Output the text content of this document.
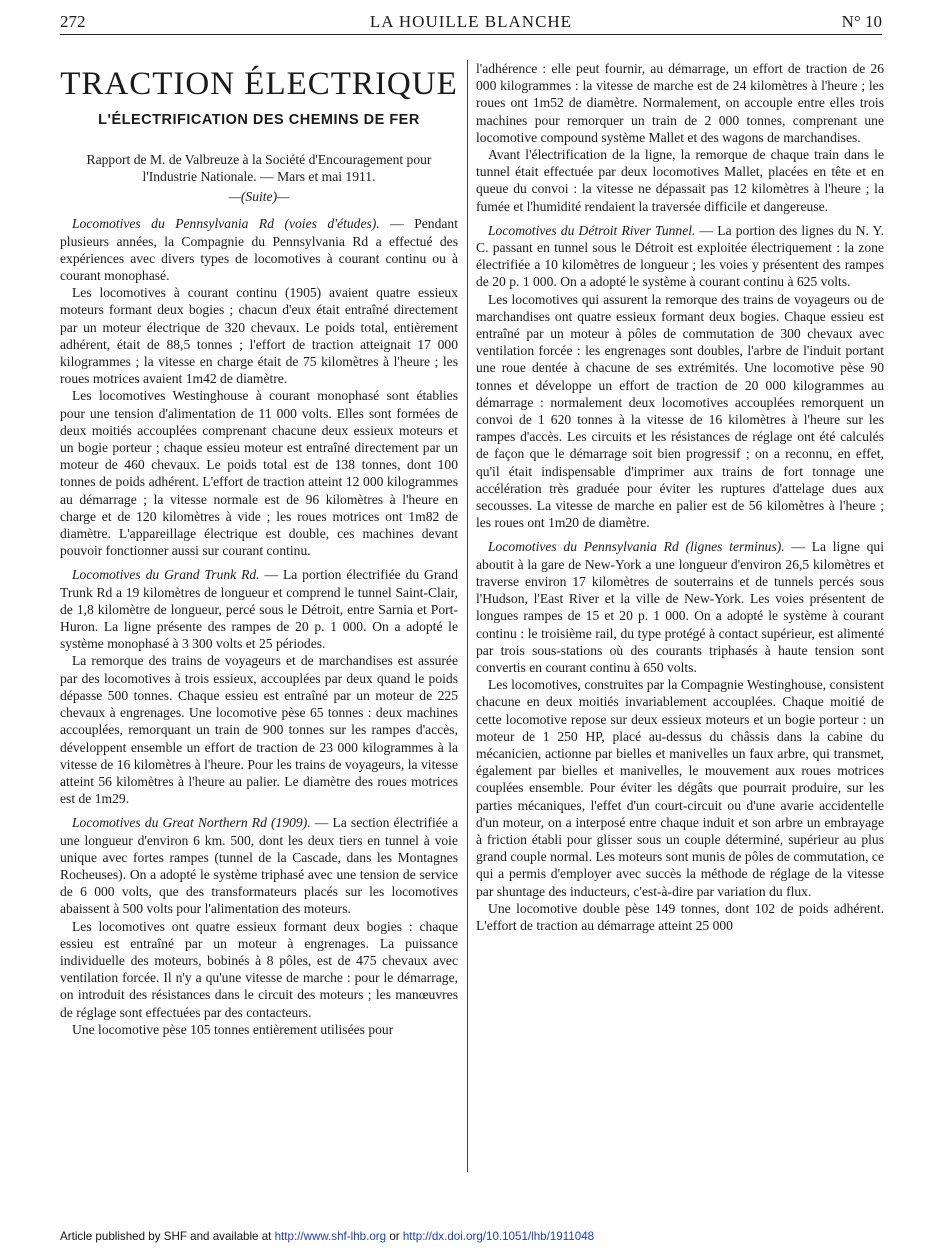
272	LA HOUILLE BLANCHE	N° 10
TRACTION ÉLECTRIQUE
L'ÉLECTRIFICATION DES CHEMINS DE FER
Rapport de M. de Valbreuze à la Société d'Encouragement pour l'Industrie Nationale. — Mars et mai 1911.
—(Suite)—

Locomotives du Pennsylvania Rd (voies d'études). — Pendant plusieurs années, la Compagnie du Pennsylvania Rd a effectué des expériences avec divers types de locomotives à courant continu ou à courant monophasé.

Les locomotives à courant continu (1905) avaient quatre essieux moteurs formant deux bogies ; chacun d'eux était entraîné directement par un moteur électrique de 320 chevaux. Le poids total, entièrement adhérent, était de 88,5 tonnes ; l'effort de traction atteignait 17 000 kilogrammes ; la vitesse en charge était de 75 kilomètres à l'heure ; les roues motrices avaient 1m42 de diamètre.

Les locomotives Westinghouse à courant monophasé sont établies pour une tension d'alimentation de 11 000 volts. Elles sont formées de deux moitiés accouplées comprenant chacune deux essieux moteurs et un bogie porteur ; chaque essieu moteur est entraîné directement par un moteur de 460 chevaux. Le poids total est de 138 tonnes, dont 100 tonnes de poids adhérent. L'effort de traction atteint 12 000 kilogrammes au démarrage ; la vitesse normale est de 96 kilomètres à l'heure en charge et de 120 kilomètres à vide ; les roues motrices ont 1m82 de diamètre. L'appareillage électrique est double, ces machines devant pouvoir fonctionner aussi sur courant continu.

Locomotives du Grand Trunk Rd. — La portion électrifiée du Grand Trunk Rd a 19 kilomètres de longueur et comprend le tunnel Saint-Clair, de 1,8 kilomètre de longueur, percé sous le Détroit, entre Sarnia et Port-Huron. La ligne présente des rampes de 20 p. 1 000. On a adopté le système monophasé à 3 300 volts et 25 périodes.

La remorque des trains de voyageurs et de marchandises est assurée par des locomotives à trois essieux, accouplées par deux quand le poids dépasse 500 tonnes. Chaque essieu est entraîné par un moteur de 225 chevaux à engrenages. Une locomotive pèse 65 tonnes : deux machines accouplées, remorquant un train de 900 tonnes sur les rampes d'accès, développent ensemble un effort de traction de 23 000 kilogrammes à la vitesse de 16 kilomètres à l'heure. Pour les trains de voyageurs, la vitesse atteint 56 kilomètres à l'heure au palier. Le diamètre des roues motrices est de 1m29.

Locomotives du Great Northern Rd (1909). — La section électrifiée a une longueur d'environ 6 km. 500, dont les deux tiers en tunnel à voie unique avec fortes rampes (tunnel de la Cascade, dans les Montagnes Rocheuses). On a adopté le système triphasé avec une tension de service de 6 000 volts, que des transformateurs placés sur les locomotives abaissent à 500 volts pour l'alimentation des moteurs.

Les locomotives ont quatre essieux formant deux bogies : chaque essieu est entraîné par un moteur à engrenages. La puissance individuelle des moteurs, bobinés à 8 pôles, est de 475 chevaux avec ventilation forcée. Il n'y a qu'une vitesse de marche : pour le démarrage, on introduit des résistances dans le circuit des moteurs ; les manœuvres de réglage sont effectuées par des contacteurs.

Une locomotive pèse 105 tonnes entièrement utilisées pour

l'adhérence : elle peut fournir, au démarrage, un effort de traction de 26 000 kilogrammes : la vitesse de marche est de 24 kilomètres à l'heure ; les roues ont 1m52 de diamètre. Normalement, on accouple entre elles trois machines pour remorquer un train de 2 000 tonnes, comprenant une locomotive compound système Mallet et des wagons de marchandises.

Avant l'électrification de la ligne, la remorque de chaque train dans le tunnel était effectuée par deux locomotives Mallet, placées en tête et en queue du convoi : la vitesse ne dépassait pas 12 kilomètres à l'heure ; la fumée et l'humidité rendaient la traversée difficile et dangereuse.

Locomotives du Détroit River Tunnel. — La portion des lignes du N. Y. C. passant en tunnel sous le Détroit est exploitée électriquement : la zone électrifiée a 10 kilomètres de longueur ; les voies y présentent des rampes de 20 p. 1 000. On a adopté le système à courant continu à 625 volts.

Les locomotives qui assurent la remorque des trains de voyageurs ou de marchandises ont quatre essieux formant deux bogies. Chaque essieu est entraîné par un moteur à pôles de commutation de 300 chevaux avec ventilation forcée : les engrenages sont doubles, l'arbre de l'induit portant une roue dentée à chacune de ses extrémités. Une locomotive pèse 90 tonnes et développe un effort de traction de 20 000 kilogrammes au démarrage : normalement deux locomotives accouplées remorquent un convoi de 1 620 tonnes à la vitesse de 16 kilomètres à l'heure sur les rampes d'accès. Les circuits et les résistances de réglage ont été calculés de façon que le démarrage soit bien progressif ; on a reconnu, en effet, qu'il était indispensable d'imprimer aux trains de fort tonnage une accélération très graduée pour éviter les ruptures d'attelage dues aux secousses. La vitesse de marche en palier est de 56 kilomètres à l'heure ; les roues ont 1m20 de diamètre.

Locomotives du Pennsylvania Rd (lignes terminus). — La ligne qui aboutit à la gare de New-York a une longueur d'environ 26,5 kilomètres et traverse environ 17 kilomètres de souterrains et de tunnels percés sous l'Hudson, l'East River et la ville de New-York. Les voies présentent de longues rampes de 15 et 20 p. 1 000. On a adopté le système à courant continu : le troisième rail, du type protégé à contact supérieur, est alimenté par trois sous-stations où des courants triphasés à haute tension sont convertis en courant continu à 650 volts.

Les locomotives, construites par la Compagnie Westinghouse, consistent chacune en deux moitiés invariablement accouplées. Chaque moitié de cette locomotive repose sur deux essieux moteurs et un bogie porteur : un moteur de 1 250 HP, placé au-dessus du châssis dans la cabine du mécanicien, actionne par bielles et manivelles un faux arbre, qui transmet, également par bielles et manivelles, le mouvement aux roues motrices couplées ensemble. Pour éviter les dégâts que pourrait produire, sur les parties mécaniques, l'effet d'un court-circuit ou d'une avarie accidentelle d'un moteur, on a interposé entre chaque induit et son arbre un embrayage à friction établi pour glisser sous un couple déterminé, supérieur au plus grand couple normal. Les moteurs sont munis de pôles de commutation, ce qui a permis d'employer avec succès la méthode de réglage de la vitesse par shuntage des inducteurs, c'est-à-dire par variation du flux.

Une locomotive double pèse 149 tonnes, dont 102 de poids adhérent. L'effort de traction au démarrage atteint 25 000

Article published by SHF and available at http://www.shf-lhb.org or http://dx.doi.org/10.1051/lhb/1911048
